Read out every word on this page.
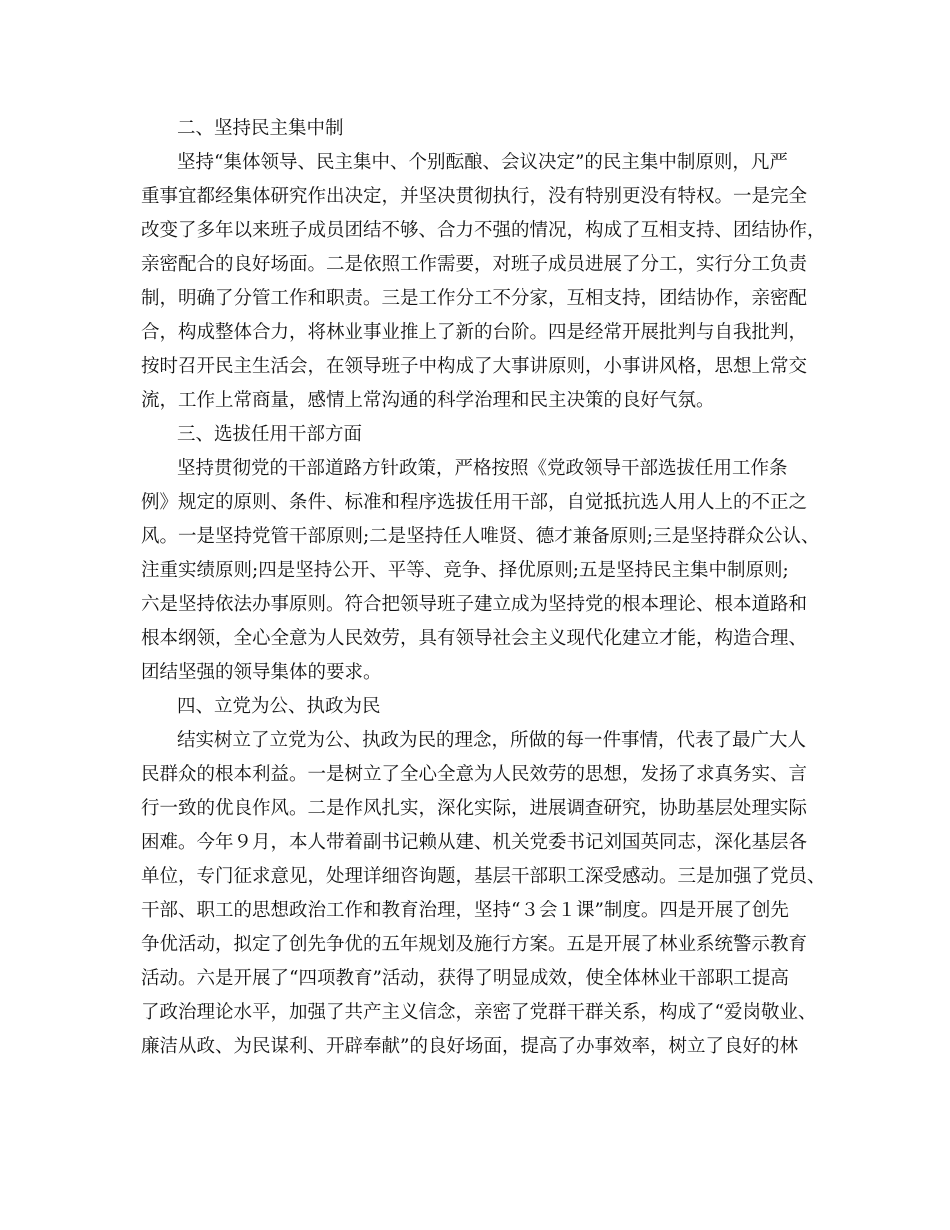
二、坚持民主集中制

坚持“集体领导、民主集中、个别酝酿、会议决定”的民主集中制原则，凡严

重事宜都经集体研究作出决定，并坚决贯彻执行，没有特别更没有特权。一是完全

改变了多年以来班子成员团结不够、合力不强的情况，构成了互相支持、团结协作，

亲密配合的良好场面。二是依照工作需要，对班子成员进展了分工，实行分工负责

制，明确了分管工作和职责。三是工作分工不分家，互相支持，团结协作，亲密配

合，构成整体合力，将林业事业推上了新的台阶。四是经常开展批判与自我批判，

按时召开民主生活会，在领导班子中构成了大事讲原则，小事讲风格，思想上常交

流，工作上常商量，感情上常沟通的科学治理和民主决策的良好气氛。

三、选拔任用干部方面

坚持贯彻党的干部道路方针政策，严格按照《党政领导干部选拔任用工作条

例》规定的原则、条件、标准和程序选拔任用干部，自觉抵抗选人用人上的不正之

风。一是坚持党管干部原则;二是坚持任人唯贤、德才兼备原则;三是坚持群众公认、

注重实绩原则;四是坚持公开、平等、竞争、择优原则;五是坚持民主集中制原则;

六是坚持依法办事原则。符合把领导班子建立成为坚持党的根本理论、根本道路和

根本纲领，全心全意为人民效劳，具有领导社会主义现代化建立才能，构造合理、

团结坚强的领导集体的要求。

四、立党为公、执政为民

结实树立了立党为公、执政为民的理念，所做的每一件事情，代表了最广大人

民群众的根本利益。一是树立了全心全意为人民效劳的思想，发扬了求真务实、言

行一致的优良作风。二是作风扎实，深化实际，进展调查研究，协助基层处理实际

困难。今年９月，本人带着副书记赖从建、机关党委书记刘国英同志，深化基层各

单位，专门征求意见，处理详细咨询题，基层干部职工深受感动。三是加强了党员、

干部、职工的思想政治工作和教育治理，坚持“３会１课”制度。四是开展了创先

争优活动，拟定了创先争优的五年规划及施行方案。五是开展了林业系统警示教育

活动。六是开展了“四项教育”活动，获得了明显成效，使全体林业干部职工提高

了政治理论水平，加强了共产主义信念，亲密了党群干群关系，构成了“爱岗敬业、

廉洁从政、为民谋利、开辟奉献”的良好场面，提高了办事效率，树立了良好的林
